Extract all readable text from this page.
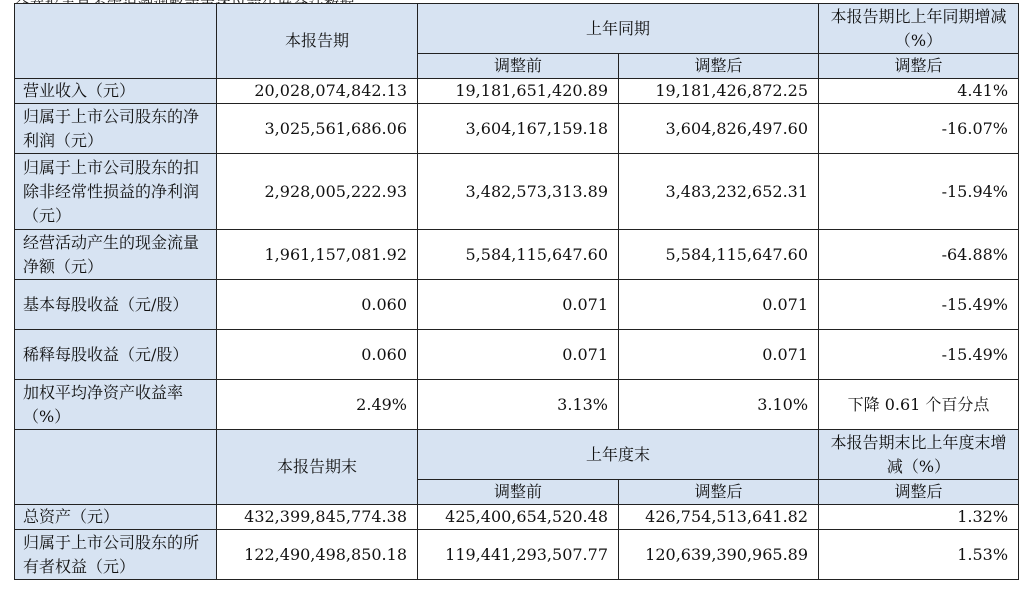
	本报告期	上年同期		本报告期比上年同期增减（%）
		调整前	调整后	调整后
营业收入（元）	20,028,074,842.13	19,181,651,420.89	19,181,426,872.25	4.41%
归属于上市公司股东的净利润（元）	3,025,561,686.06	3,604,167,159.18	3,604,826,497.60	-16.07%
归属于上市公司股东的扣除非经常性损益的净利润（元）	2,928,005,222.93	3,482,573,313.89	3,483,232,652.31	-15.94%
经营活动产生的现金流量净额（元）	1,961,157,081.92	5,584,115,647.60	5,584,115,647.60	-64.88%
基本每股收益（元/股）	0.060	0.071	0.071	-15.49%
稀释每股收益（元/股）	0.060	0.071	0.071	-15.49%
加权平均净资产收益率（%）	2.49%	3.13%	3.10%	下降 0.61 个百分点
	本报告期末	上年度末		本报告期末比上年度末增减（%）
		调整前	调整后	调整后
总资产（元）	432,399,845,774.38	425,400,654,520.48	426,754,513,641.82	1.32%
归属于上市公司股东的所有者权益（元）	122,490,498,850.18	119,441,293,507.77	120,639,390,965.89	1.53%
